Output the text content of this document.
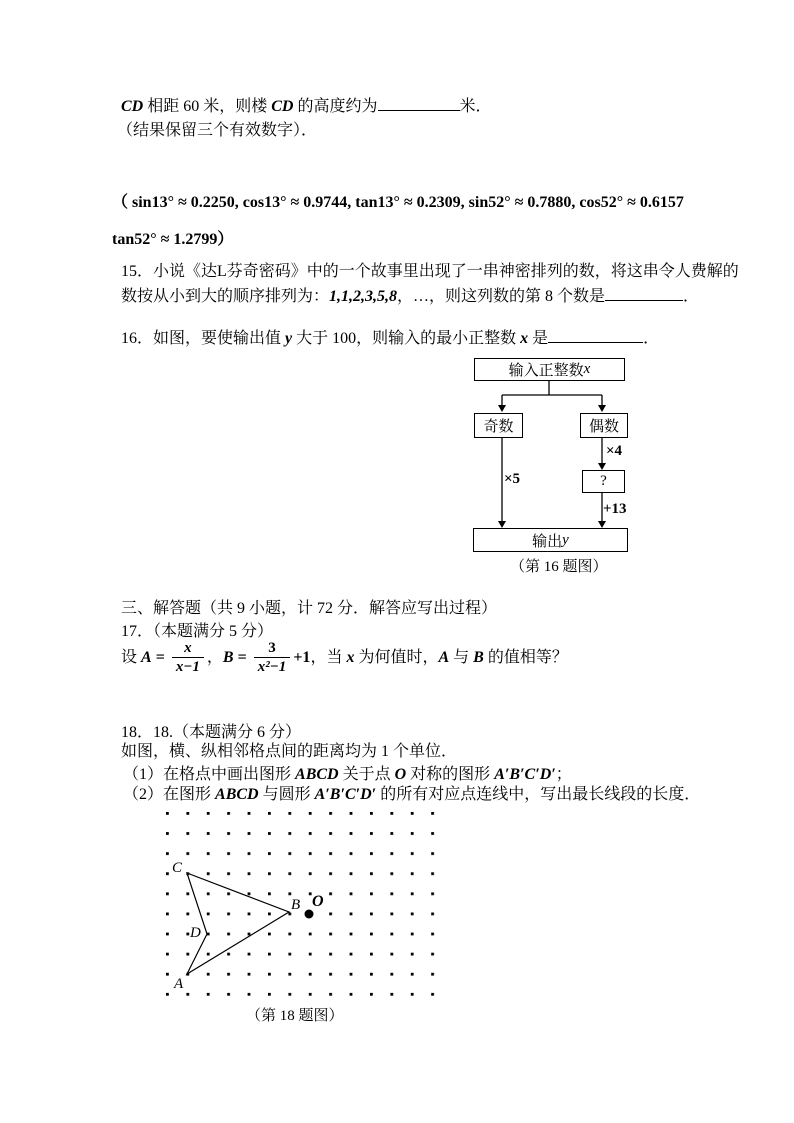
CD 相距 60 米，则楼 CD 的高度约为	米．
（结果保留三个有效数字）．
（ sin13° ≈ 0.2250, cos13° ≈ 0.9744, tan13° ≈ 0.2309, sin52° ≈ 0.7880, cos52° ≈ 0.6157
tan52° ≈ 1.2799）
15．小说《达L芬奇密码》中的一个故事里出现了一串神密排列的数，将这串令人费解的
数按从小到大的顺序排列为：1,1,2,3,5,8，…，则这列数的第 8 个数是	．
16．如图，要使输出值 y 大于 100，则输入的最小正整数 x 是	．
输入正整数 x
奇数	偶数
?
输出 y
×4
×5
+13
（第 16 题图）
三、解答题（共 9 小题，计 72 分．解答应写出过程）
17．（本题满分 5 分）
设 $A = \frac{x}{x-1}$ ，$B = \frac{3}{\text{x²−1}} +1$，当 x 为何值时，A 与 B 的值相等？
18．18.（本题满分 6 分）
如图，横、纵相邻格点间的距离均为 1 个单位．
（1）在格点中画出图形 ABCD 关于点 O 对称的图形 A′B′C′D′；
（2）在图形 ABCD 与圆形 A′B′C′D′ 的所有对应点连线中，写出最长线段的长度．
C
B O
D
A
（第 18 题图）
